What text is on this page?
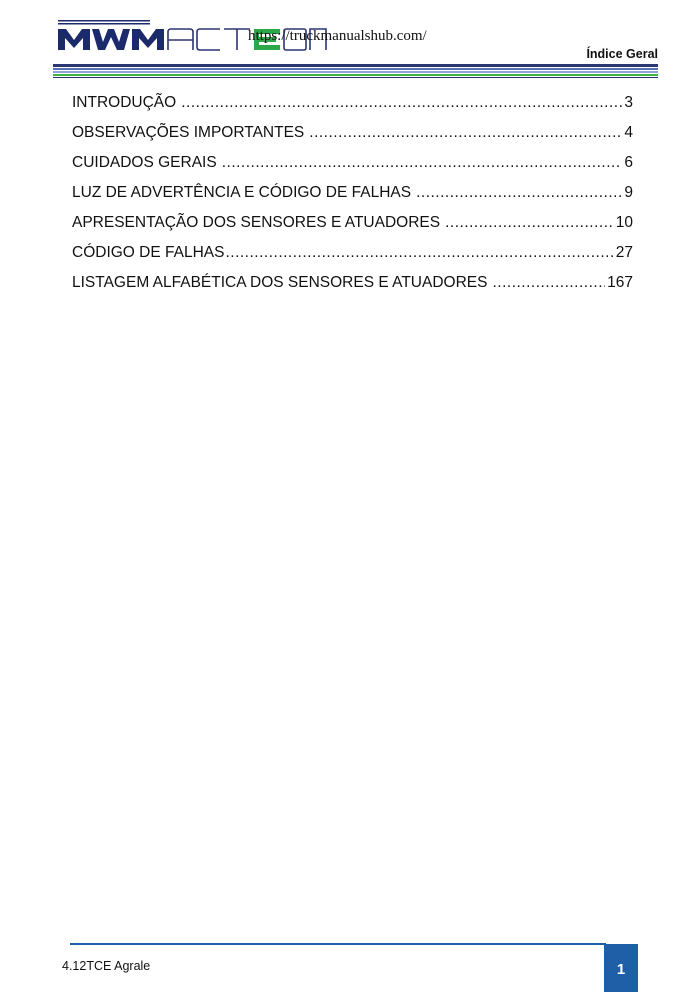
https://truckmanualshub.com/
Índice Geral
INTRODUÇÃO .....	3
OBSERVAÇÕES IMPORTANTES .....	4
CUIDADOS GERAIS .....	6
LUZ DE ADVERTÊNCIA E CÓDIGO DE FALHAS .....	9
APRESENTAÇÃO DOS SENSORES E ATUADORES .....	10
CÓDIGO DE FALHAS .....	27
LISTAGEM ALFABÉTICA DOS SENSORES E ATUADORES .....	167
4.12TCE Agrale	1
